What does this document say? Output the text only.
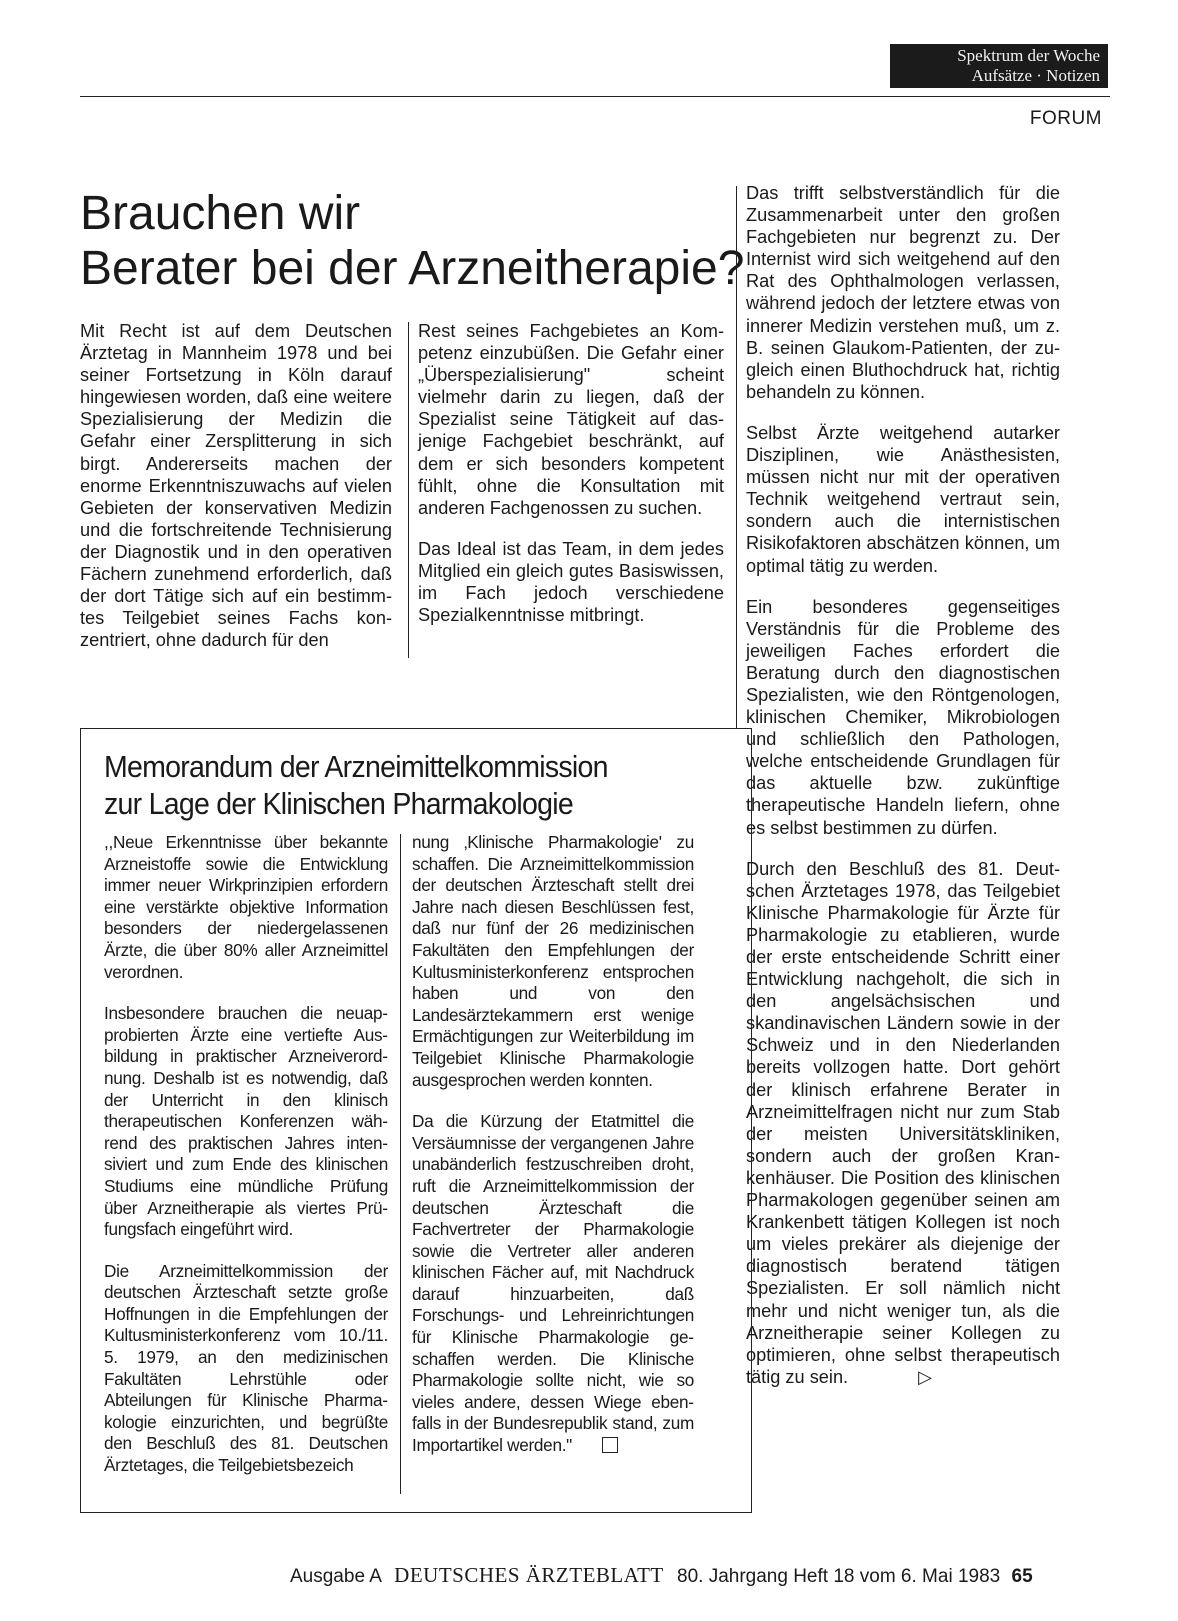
Spektrum der Woche
Aufsätze · Notizen
FORUM
Brauchen wir
Berater bei der Arzneitherapie?

Mit Recht ist auf dem Deutschen Ärztetag in Mannheim 1978 und bei seiner Fortsetzung in Köln darauf hingewiesen worden, daß eine weitere Spezialisierung der Medizin die Gefahr einer Zersplitterung in sich birgt. Andererseits machen der enorme Erkenntniszuwachs auf vielen Gebieten der konservativen Medizin und die fortschreitende Technisierung der Diagnostik und in den operativen Fächern zunehmend erforderlich, daß der dort Tätige sich auf ein bestimmtes Teilgebiet seines Fachs konzentriert, ohne dadurch für den

Rest seines Fachgebietes an Kompetenz einzubüßen. Die Gefahr einer „Überspezialisierung" scheint vielmehr darin zu liegen, daß der Spezialist seine Tätigkeit auf dasjenige Fachgebiet beschränkt, auf dem er sich besonders kompetent fühlt, ohne die Konsultation mit anderen Fachgenossen zu suchen.

Das Ideal ist das Team, in dem jedes Mitglied ein gleich gutes Basiswissen, im Fach jedoch verschiedene Spezialkenntnisse mitbringt.

Das trifft selbstverständlich für die Zusammenarbeit unter den großen Fachgebieten nur begrenzt zu. Der Internist wird sich weitgehend auf den Rat des Ophthalmologen verlassen, während jedoch der letztere etwas von innerer Medizin verstehen muß, um z. B. seinen Glaukom-Patienten, der zugleich einen Bluthochdruck hat, richtig behandeln zu können.

Selbst Ärzte weitgehend autarker Disziplinen, wie Anästhesisten, müssen nicht nur mit der operativen Technik weitgehend vertraut sein, sondern auch die internistischen Risikofaktoren abschätzen können, um optimal tätig zu werden.

Ein besonderes gegenseitiges Verständnis für die Probleme des jeweiligen Faches erfordert die Beratung durch den diagnostischen Spezialisten, wie den Röntgenologen, klinischen Chemiker, Mikrobiologen und schließlich den Pathologen, welche entscheidende Grundlagen für das aktuelle bzw. zukünftige therapeutische Handeln liefern, ohne es selbst bestimmen zu dürfen.

Durch den Beschluß des 81. Deutschen Ärztetages 1978, das Teilgebiet Klinische Pharmakologie für Ärzte für Pharmakologie zu etablieren, wurde der erste entscheidende Schritt einer Entwicklung nachgeholt, die sich in den angelsächsischen und skandinavischen Ländern sowie in der Schweiz und in den Niederlanden bereits vollzogen hatte. Dort gehört der klinisch erfahrene Berater in Arzneimittelfragen nicht nur zum Stab der meisten Universitätskliniken, sondern auch der großen Krankenhäuser. Die Position des klinischen Pharmakologen gegenüber seinen am Krankenbett tätigen Kollegen ist noch um vieles prekärer als diejenige der diagnostisch beratend tätigen Spezialisten. Er soll nämlich nicht mehr und nicht weniger tun, als die Arzneitherapie seiner Kollegen zu optimieren, ohne selbst therapeutisch tätig zu sein.	▷

Memorandum der Arzneimittelkommission
zur Lage der Klinischen Pharmakologie

,,Neue Erkenntnisse über bekannte Arzneistoffe sowie die Entwicklung immer neuer Wirkprinzipien erfordern eine verstärkte objektive Information besonders der niedergelassenen Ärzte, die über 80% aller Arzneimittel verordnen.

Insbesondere brauchen die neuapprobierten Ärzte eine vertiefte Ausbildung in praktischer Arzneiverordnung. Deshalb ist es notwendig, daß der Unterricht in den klinisch therapeutischen Konferenzen während des praktischen Jahres intensiviert und zum Ende des klinischen Studiums eine mündliche Prüfung über Arzneitherapie als viertes Prüfungsfach eingeführt wird.

Die Arzneimittelkommission der deutschen Ärzteschaft setzte große Hoffnungen in die Empfehlungen der Kultusministerkonferenz vom 10./11. 5. 1979, an den medizinischen Fakultäten Lehrstühle oder Abteilungen für Klinische Pharmakologie einzurichten, und begrüßte den Beschluß des 81. Deutschen Ärztetages, die Teilgebietsbezeich

nung ‚Klinische Pharmakologie' zu schaffen. Die Arzneimittelkommission der deutschen Ärzteschaft stellt drei Jahre nach diesen Beschlüssen fest, daß nur fünf der 26 medizinischen Fakultäten den Empfehlungen der Kultusministerkonferenz entsprochen haben und von den Landesärztekammern erst wenige Ermächtigungen zur Weiterbildung im Teilgebiet Klinische Pharmakologie ausgesprochen werden konnten.

Da die Kürzung der Etatmittel die Versäumnisse der vergangenen Jahre unabänderlich festzuschreiben droht, ruft die Arzneimittelkommission der deutschen Ärzteschaft die Fachvertreter der Pharmakologie sowie die Vertreter aller anderen klinischen Fächer auf, mit Nachdruck darauf hinzuarbeiten, daß Forschungs- und Lehreinrichtungen für Klinische Pharmakologie geschaffen werden. Die Klinische Pharmakologie sollte nicht, wie so vieles andere, dessen Wiege ebenfalls in der Bundesrepublik stand, zum Importartikel werden."

Ausgabe A DEUTSCHES ÄRZTEBLATT 80. Jahrgang Heft 18 vom 6. Mai 1983 65
